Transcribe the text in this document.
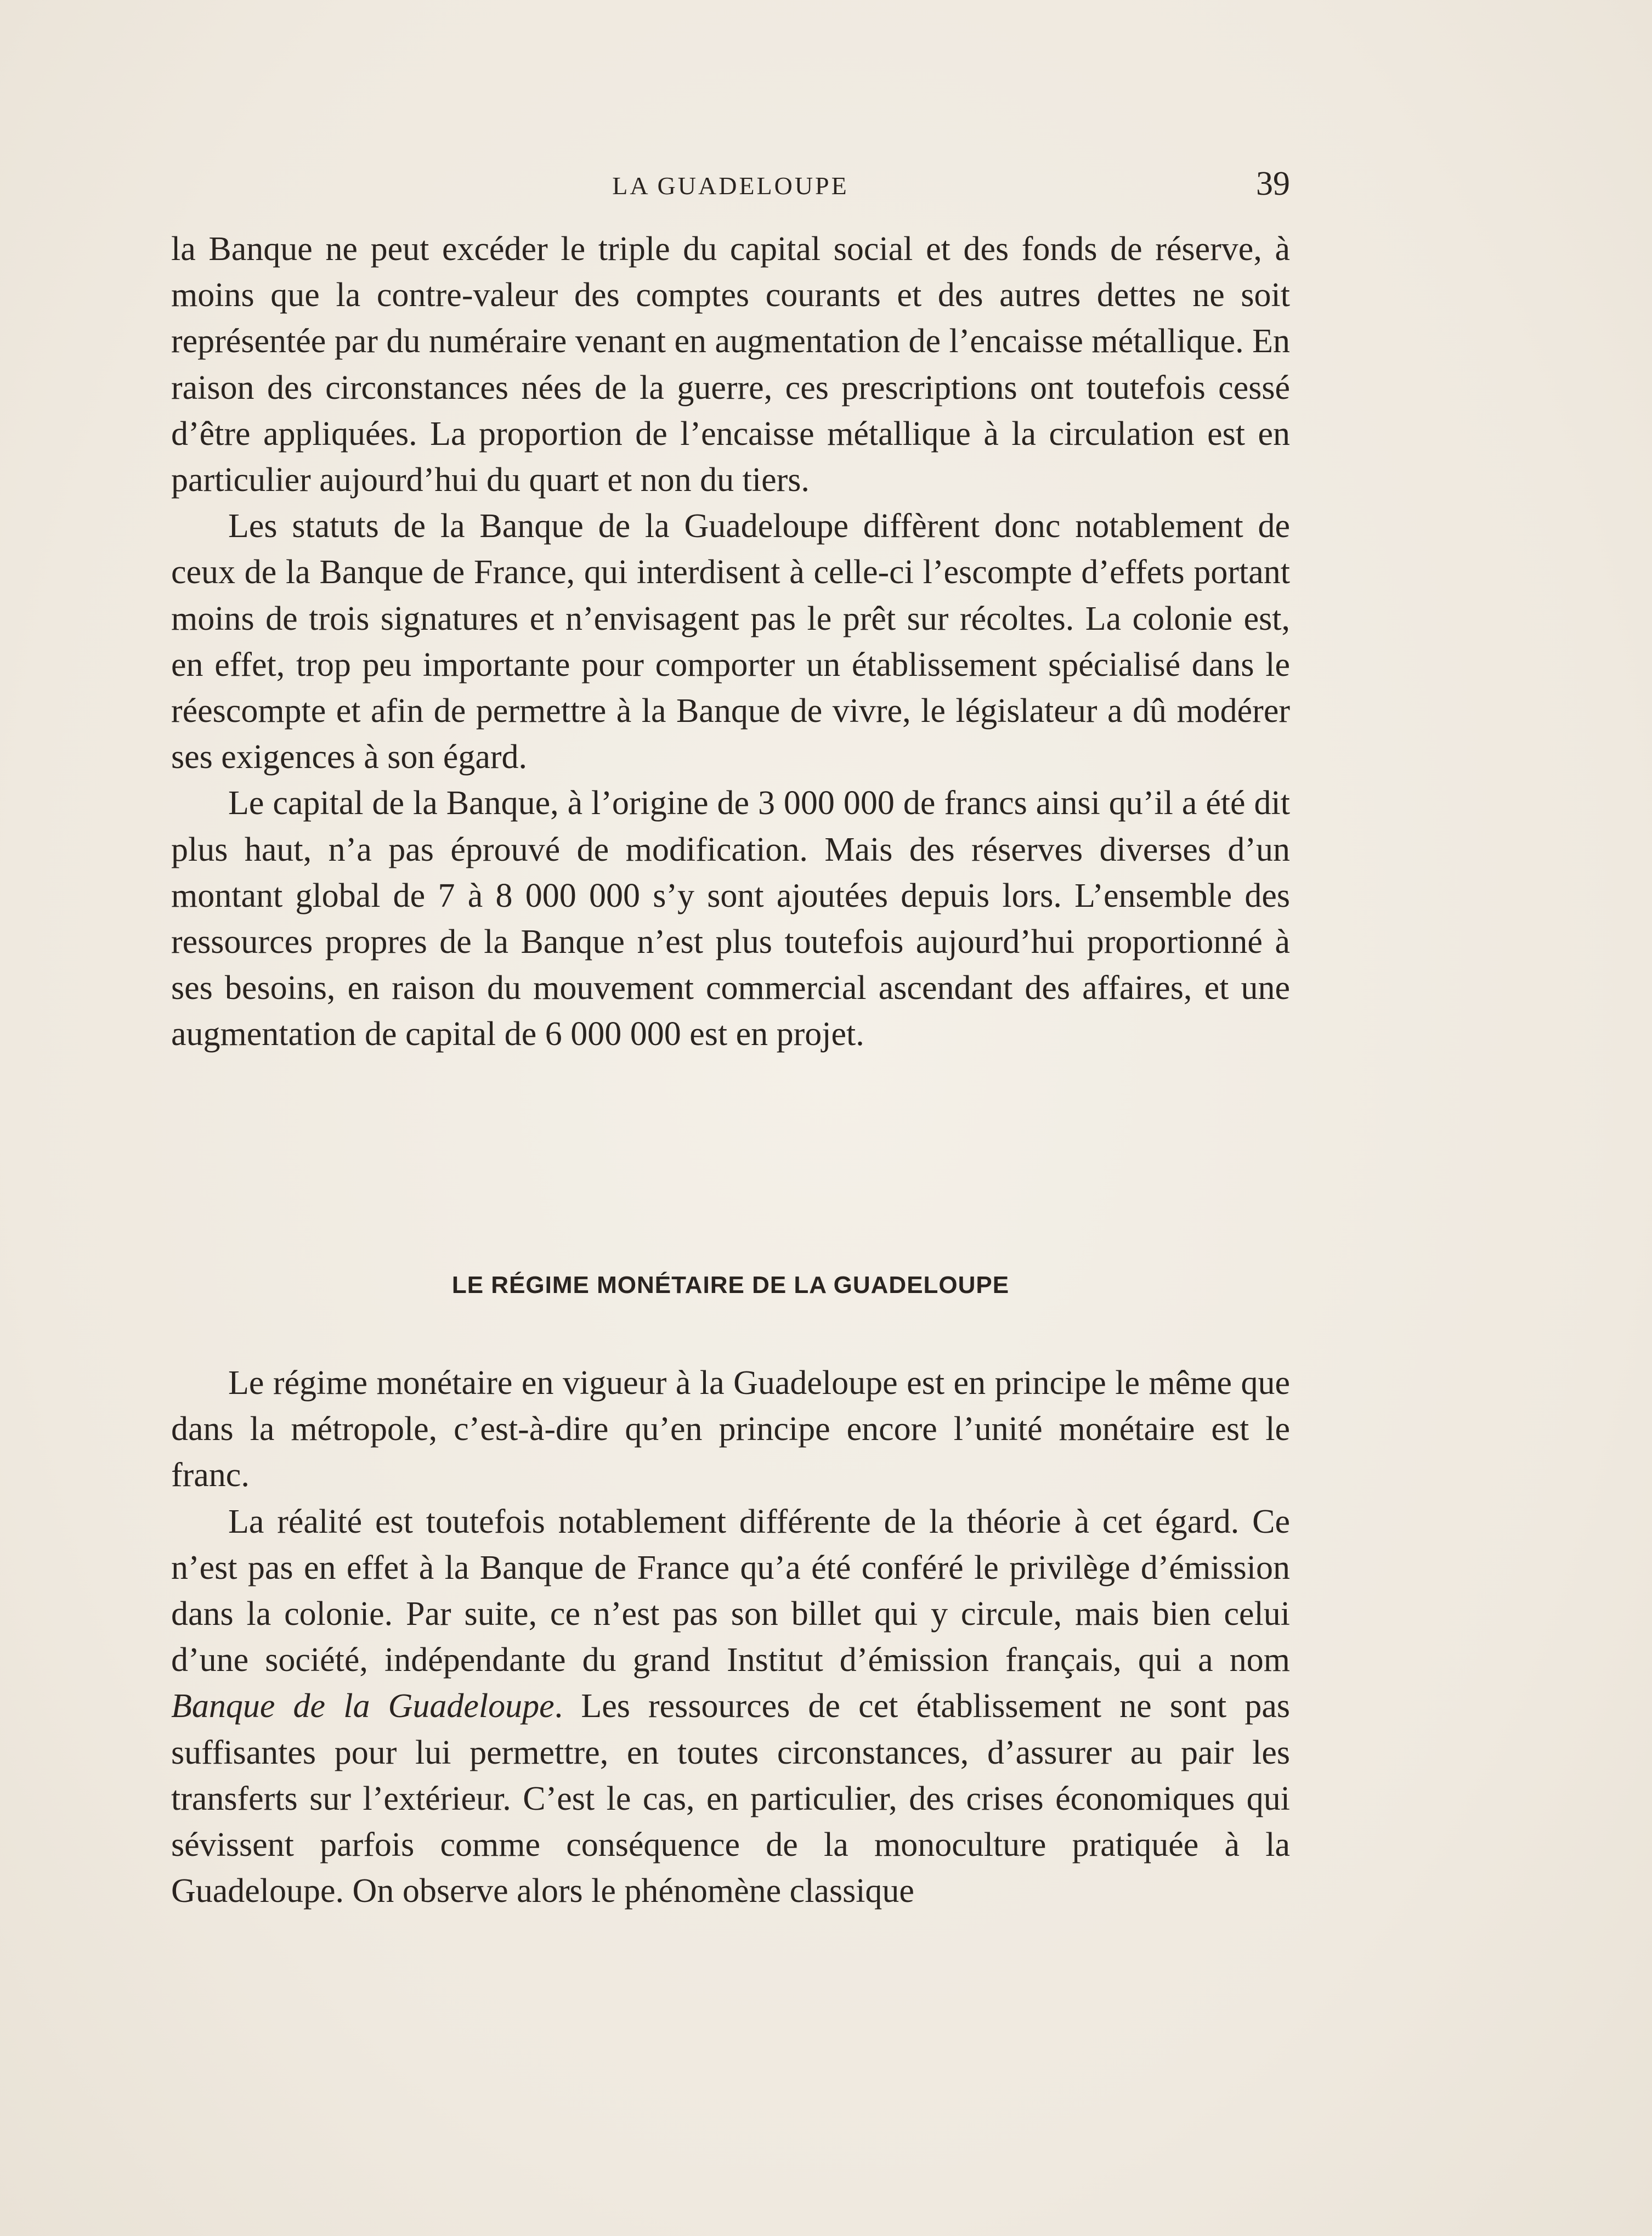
LA GUADELOUPE	39

la Banque ne peut excéder le triple du capital social et des fonds de réserve, à moins que la contre-valeur des comptes courants et des autres dettes ne soit représentée par du numéraire venant en augmentation de l’encaisse métallique. En raison des circonstances nées de la guerre, ces prescriptions ont toutefois cessé d’être appliquées. La proportion de l’encaisse métallique à la circulation est en particulier aujourd’hui du quart et non du tiers.

Les statuts de la Banque de la Guadeloupe diffèrent donc notablement de ceux de la Banque de France, qui interdisent à celle-ci l’escompte d’effets portant moins de trois signatures et n’envisagent pas le prêt sur récoltes. La colonie est, en effet, trop peu importante pour comporter un établissement spécialisé dans le réescompte et afin de permettre à la Banque de vivre, le législateur a dû modérer ses exigences à son égard.

Le capital de la Banque, à l’origine de 3 000 000 de francs ainsi qu’il a été dit plus haut, n’a pas éprouvé de modification. Mais des réserves diverses d’un montant global de 7 à 8 000 000 s’y sont ajoutées depuis lors. L’ensemble des ressources propres de la Banque n’est plus toutefois aujourd’hui proportionné à ses besoins, en raison du mouvement commercial ascendant des affaires, et une augmentation de capital de 6 000 000 est en projet.

LE RÉGIME MONÉTAIRE DE LA GUADELOUPE

Le régime monétaire en vigueur à la Guadeloupe est en principe le même que dans la métropole, c’est-à-dire qu’en principe encore l’unité monétaire est le franc.

La réalité est toutefois notablement différente de la théorie à cet égard. Ce n’est pas en effet à la Banque de France qu’a été conféré le privilège d’émission dans la colonie. Par suite, ce n’est pas son billet qui y circule, mais bien celui d’une société, indépendante du grand Institut d’émission français, qui a nom Banque de la Guadeloupe. Les ressources de cet établissement ne sont pas suffisantes pour lui permettre, en toutes circonstances, d’assurer au pair les transferts sur l’extérieur. C’est le cas, en particulier, des crises économiques qui sévissent parfois comme conséquence de la monoculture pratiquée à la Guadeloupe. On observe alors le phénomène classique
